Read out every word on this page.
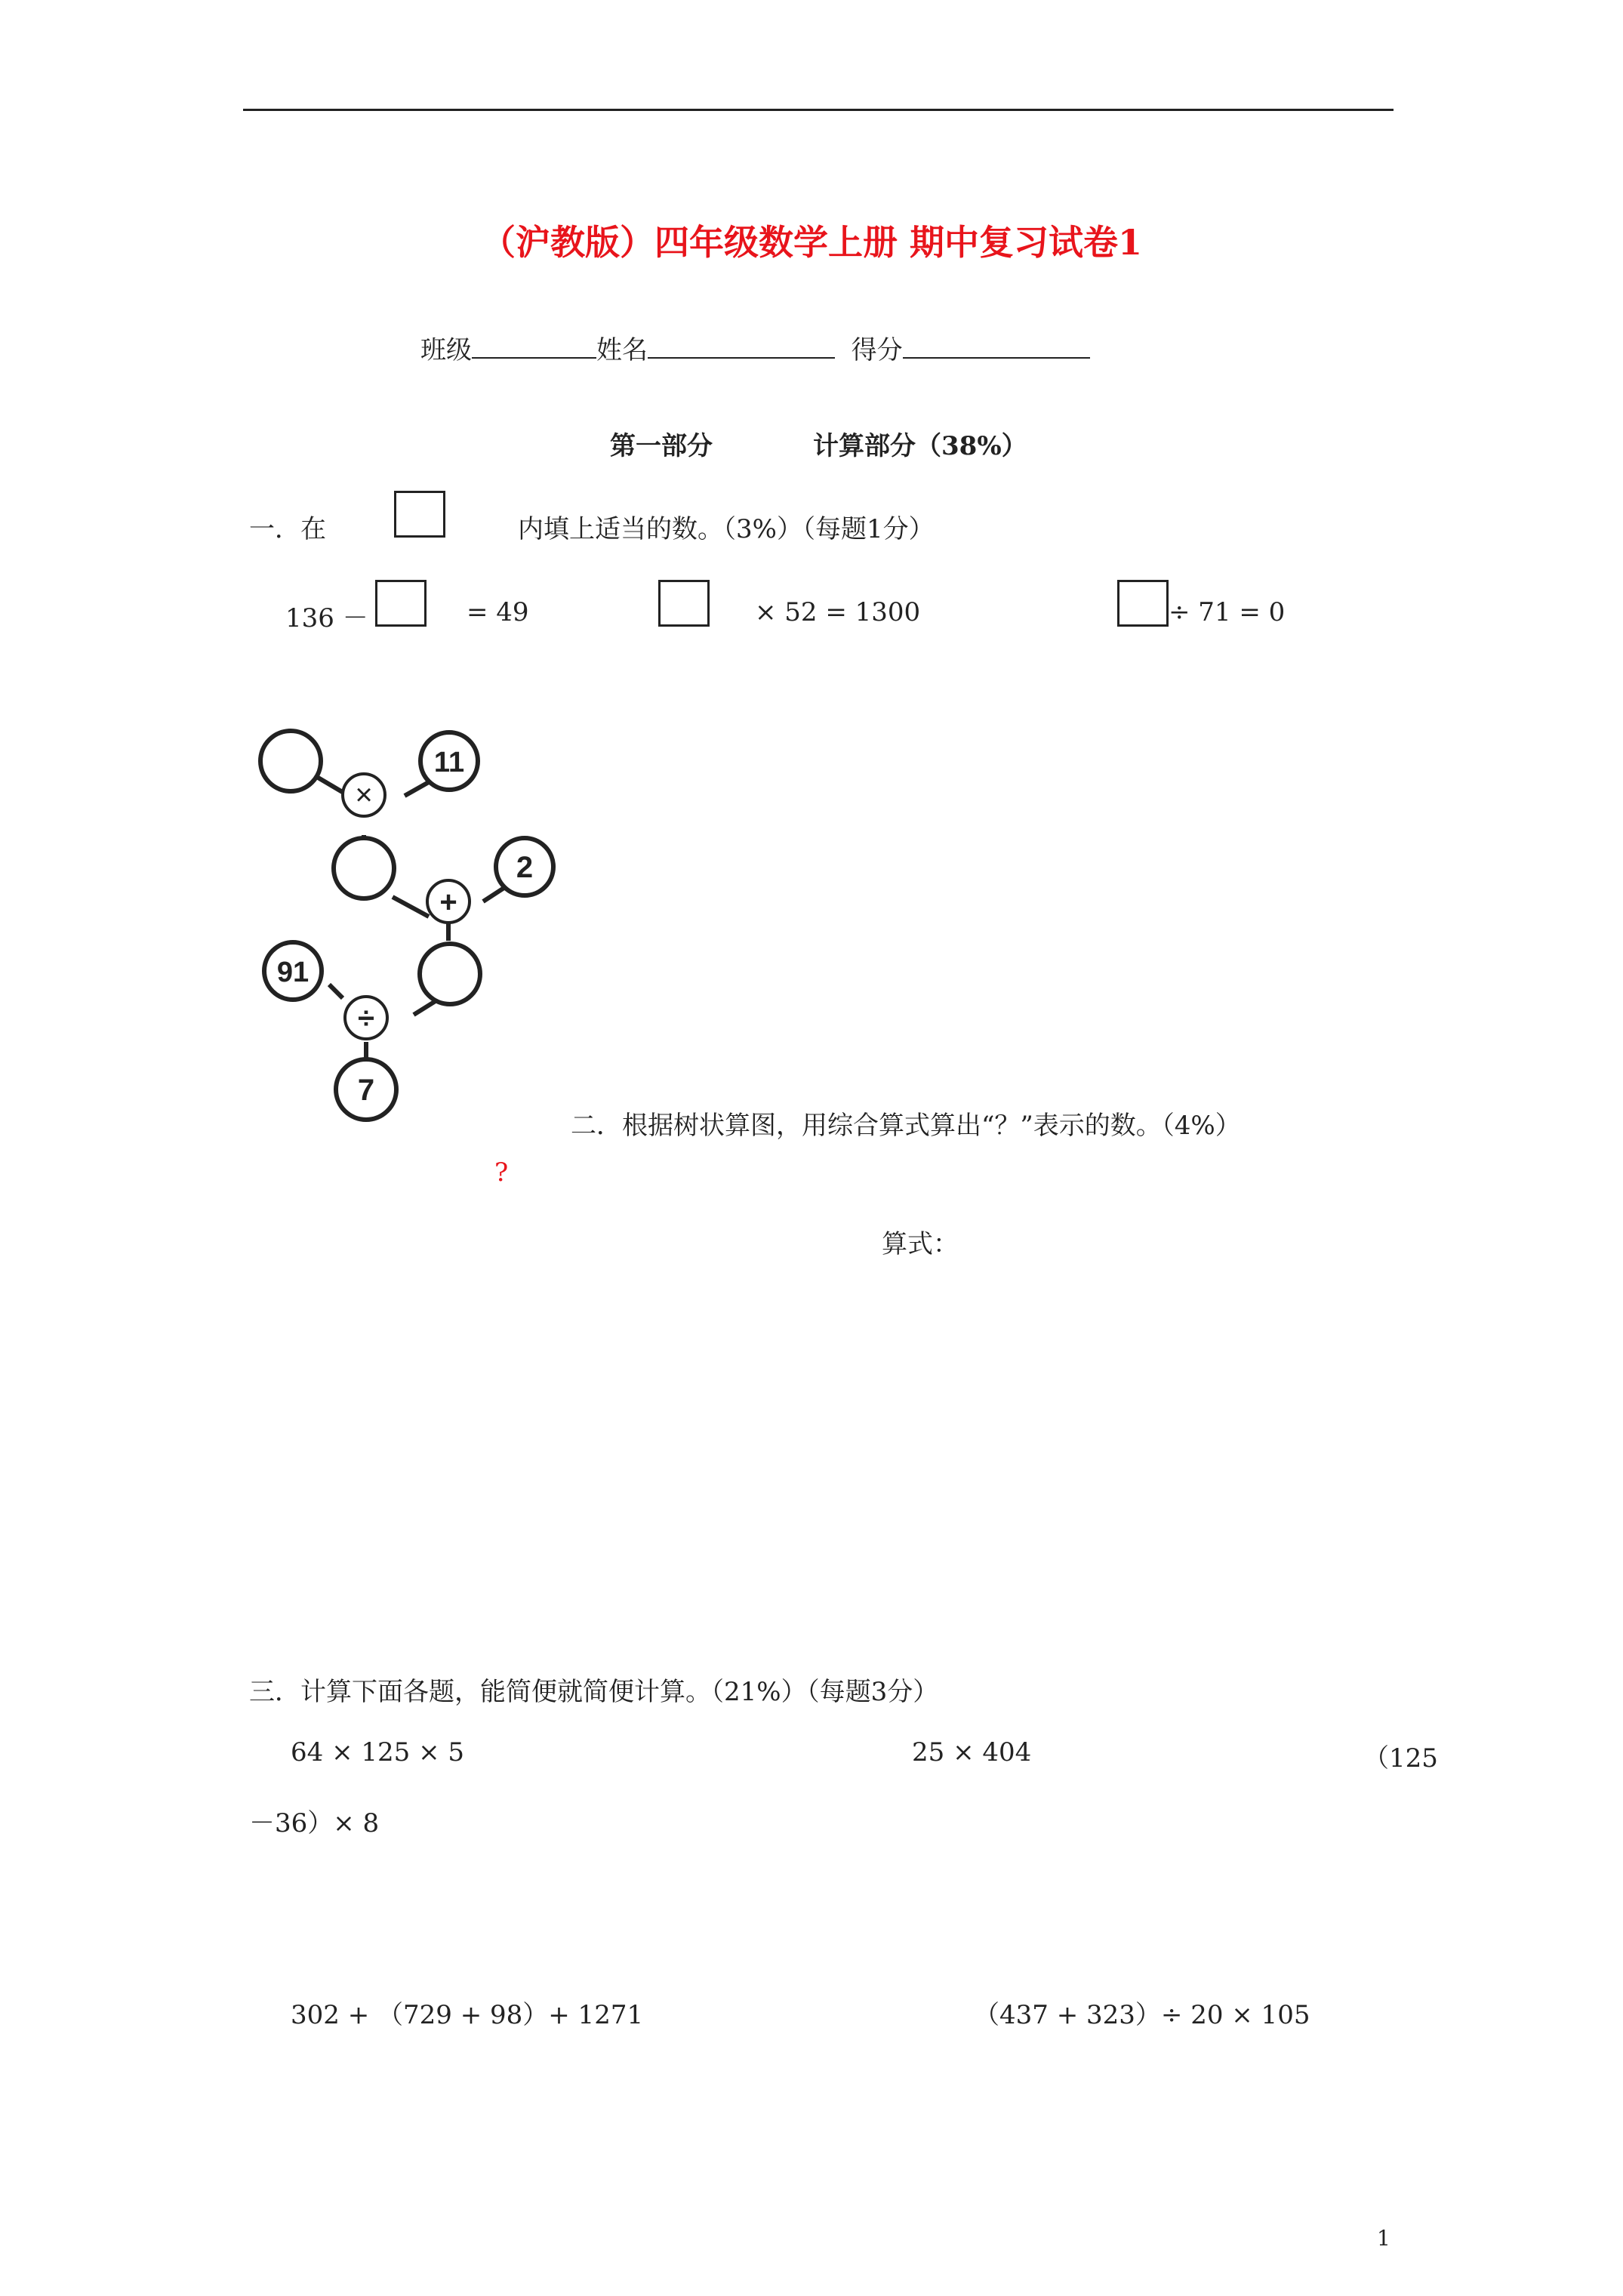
（沪教版）四年级数学上册 期中复习试卷1
班级	姓名	得分
第一部分	计算部分（38%）
一．在	内填上适当的数。（3%）（每题1分）
136 －	= 49	× 52 = 1300	÷ 71 = 0
11
×
2
+
91
÷
7
二．根据树状算图，用综合算式算出“？”表示的数。（4%）
?
算式：
三．计算下面各题，能简便就简便计算。（21%）（每题3分）
64 × 125 × 5	25 × 404	（125
－36）× 8
302 + （729 + 98）+ 1271	（437 + 323）÷ 20 × 105
1
